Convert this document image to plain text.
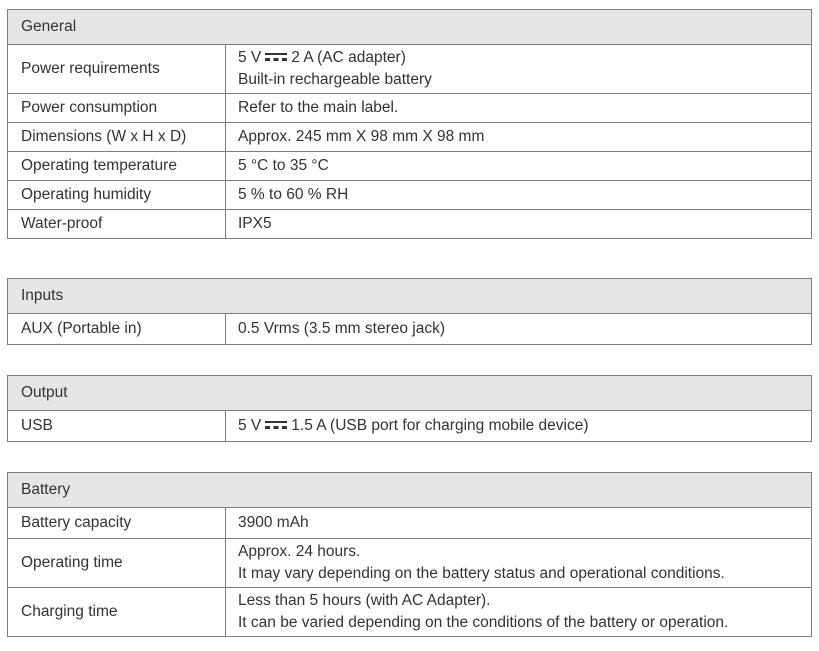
General	
Power requirements	5 V 2 A (AC adapter)
Built-in rechargeable battery

Power consumption	Refer to the main label.
Dimensions (W x H x D)	Approx. 245 mm X 98 mm X 98 mm
Operating temperature	5 °C to 35 °C
Operating humidity	5 % to 60 % RH
Water-proof	IPX5
Inputs
AUX (Portable in)	0.5 Vrms (3.5 mm stereo jack)
Output
USB	5 V 1.5 A (USB port for charging mobile device)
Battery	
Battery capacity	3900 mAh
Operating time	Approx. 24 hours.
It may vary depending on the battery status and operational conditions.

Charging time	Less than 5 hours (with AC Adapter).
It can be varied depending on the conditions of the battery or operation.
